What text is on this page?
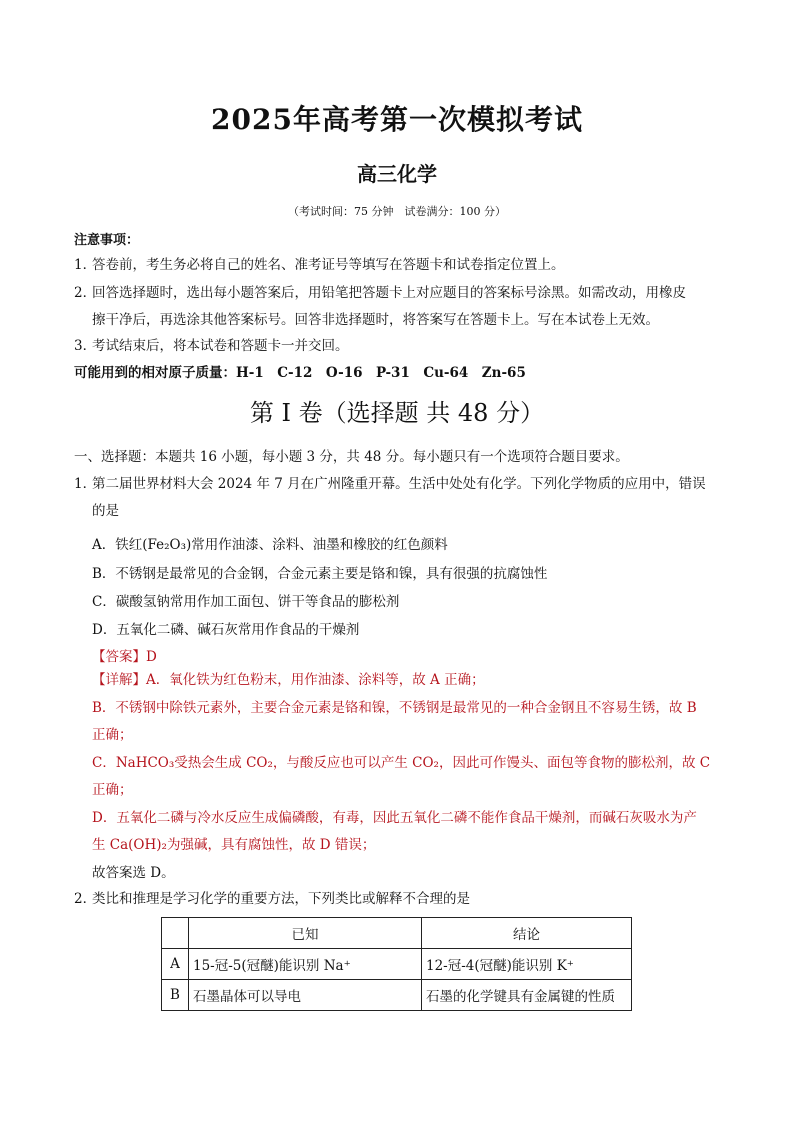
2025年高考第一次模拟考试
高三化学
（考试时间：75 分钟　试卷满分：100 分）
注意事项：
1．答卷前，考生务必将自己的姓名、准考证号等填写在答题卡和试卷指定位置上。
2．回答选择题时，选出每小题答案后，用铅笔把答题卡上对应题目的答案标号涂黑。如需改动，用橡皮
擦干净后，再选涂其他答案标号。回答非选择题时，将答案写在答题卡上。写在本试卷上无效。
3．考试结束后，将本试卷和答题卡一并交回。
可能用到的相对原子质量：H-1　C-12　O-16　P-31　Cu-64　Zn-65
第 I 卷（选择题 共 48 分）
一、选择题：本题共 16 小题，每小题 3 分，共 48 分。每小题只有一个选项符合题目要求。
1．第二届世界材料大会 2024 年 7 月在广州隆重开幕。生活中处处有化学。下列化学物质的应用中，错误
的是
A．铁红(Fe₂O₃)常用作油漆、涂料、油墨和橡胶的红色颜料
B．不锈钢是最常见的合金钢，合金元素主要是铬和镍，具有很强的抗腐蚀性
C．碳酸氢钠常用作加工面包、饼干等食品的膨松剂
D．五氧化二磷、碱石灰常用作食品的干燥剂
【答案】D
【详解】A．氧化铁为红色粉末，用作油漆、涂料等，故 A 正确；
B．不锈钢中除铁元素外，主要合金元素是铬和镍，不锈钢是最常见的一种合金钢且不容易生锈，故 B
正确；
C．NaHCO₃受热会生成 CO₂，与酸反应也可以产生 CO₂，因此可作馒头、面包等食物的膨松剂，故 C
正确；
D．五氧化二磷与冷水反应生成偏磷酸，有毒，因此五氧化二磷不能作食品干燥剂，而碱石灰吸水为产
生 Ca(OH)₂为强碱，具有腐蚀性，故 D 错误；
故答案选 D。
2．类比和推理是学习化学的重要方法，下列类比或解释不合理的是
	已知	结论
A	15-冠-5(冠醚)能识别 Na⁺	12-冠-4(冠醚)能识别 K⁺
B	石墨晶体可以导电	石墨的化学键具有金属键的性质
